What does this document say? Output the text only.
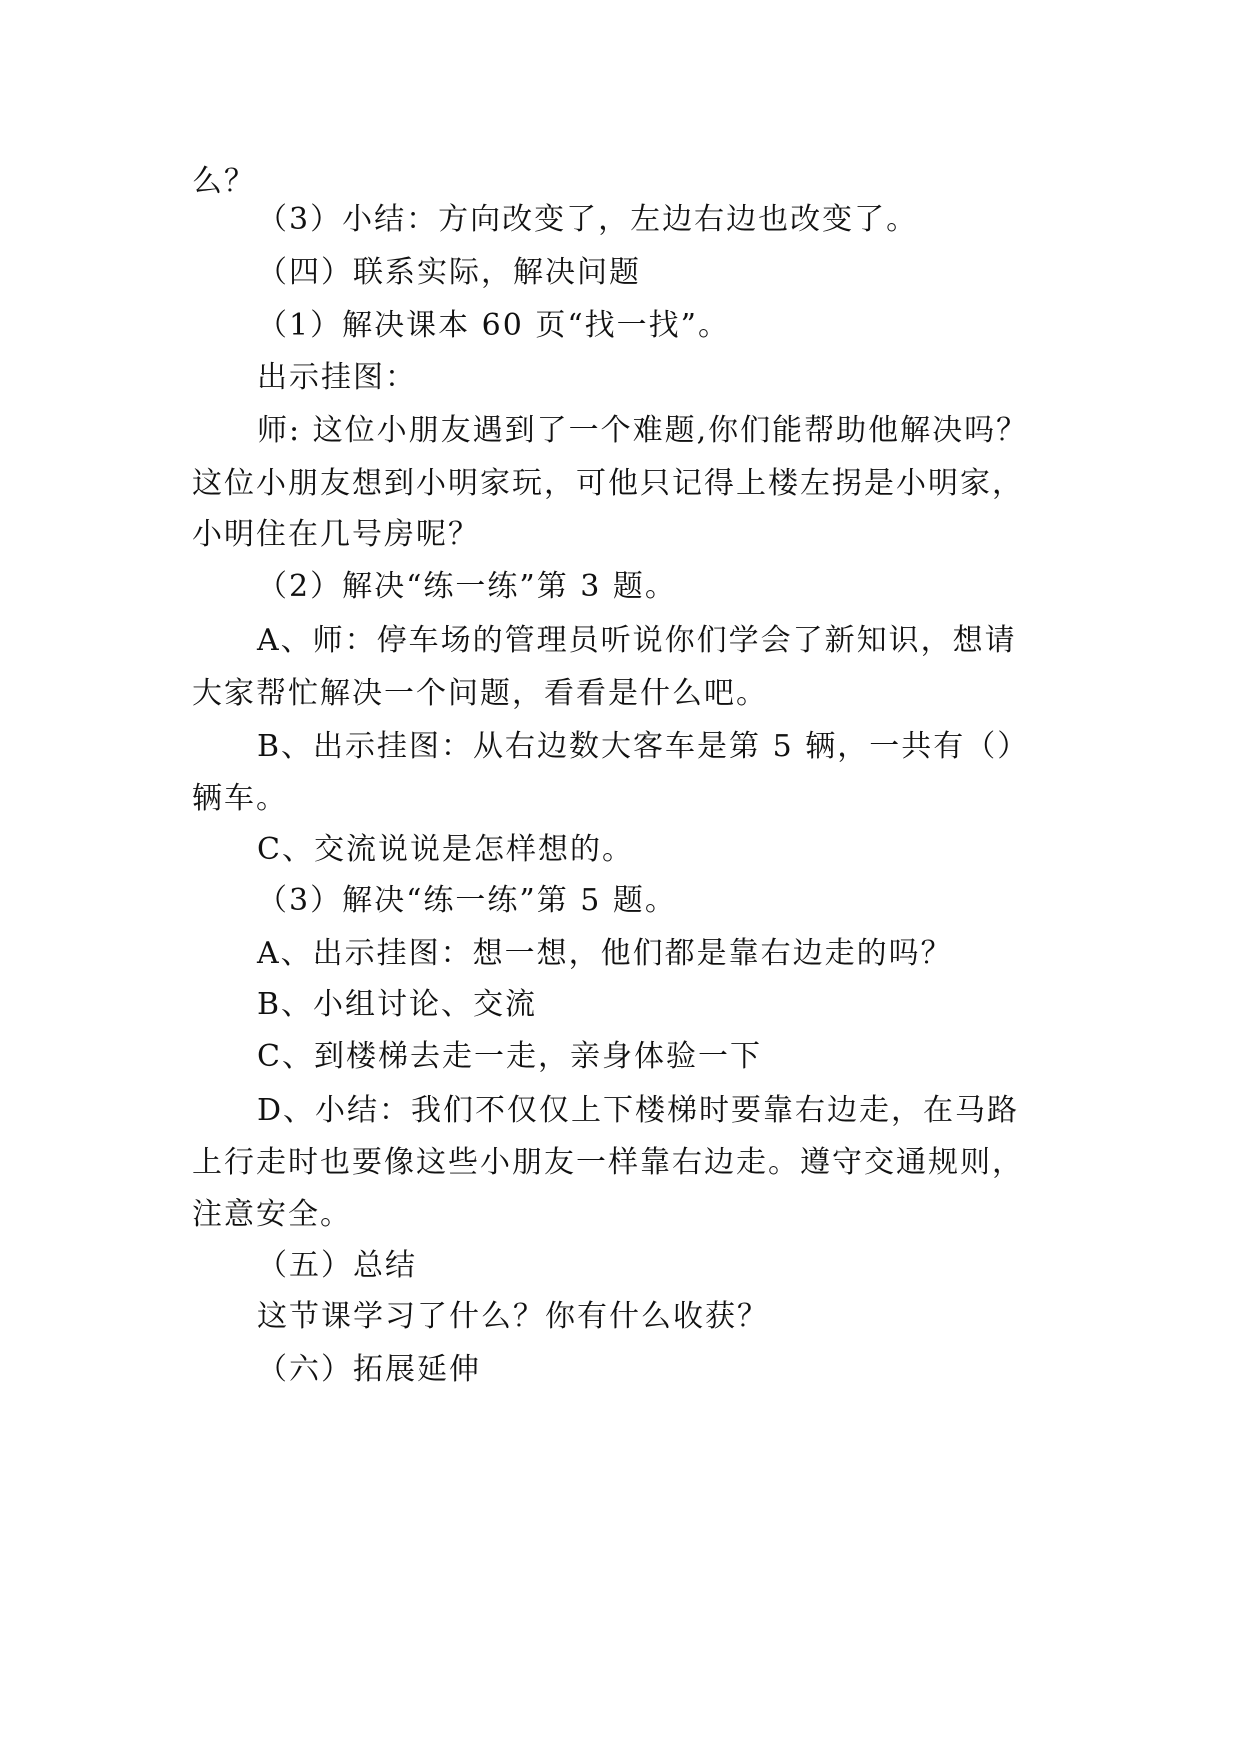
么？
（3）小结：方向改变了，左边右边也改变了。
（四）联系实际，解决问题
（1）解决课本 60 页“找一找”。
出示挂图：
师: 这位小朋友遇到了一个难题,你们能帮助他解决吗？
这位小朋友想到小明家玩，可他只记得上楼左拐是小明家，
小明住在几号房呢？
（2）解决“练一练”第 3 题。
A、师：停车场的管理员听说你们学会了新知识，想请
大家帮忙解决一个问题，看看是什么吧。
B、出示挂图：从右边数大客车是第 5 辆，一共有（）
辆车。
C、交流说说是怎样想的。
（3）解决“练一练”第 5 题。
A、出示挂图：想一想，他们都是靠右边走的吗？
B、小组讨论、交流
C、到楼梯去走一走，亲身体验一下
D、小结：我们不仅仅上下楼梯时要靠右边走，在马路
上行走时也要像这些小朋友一样靠右边走。遵守交通规则，
注意安全。
（五）总结
这节课学习了什么？你有什么收获？
（六）拓展延伸
